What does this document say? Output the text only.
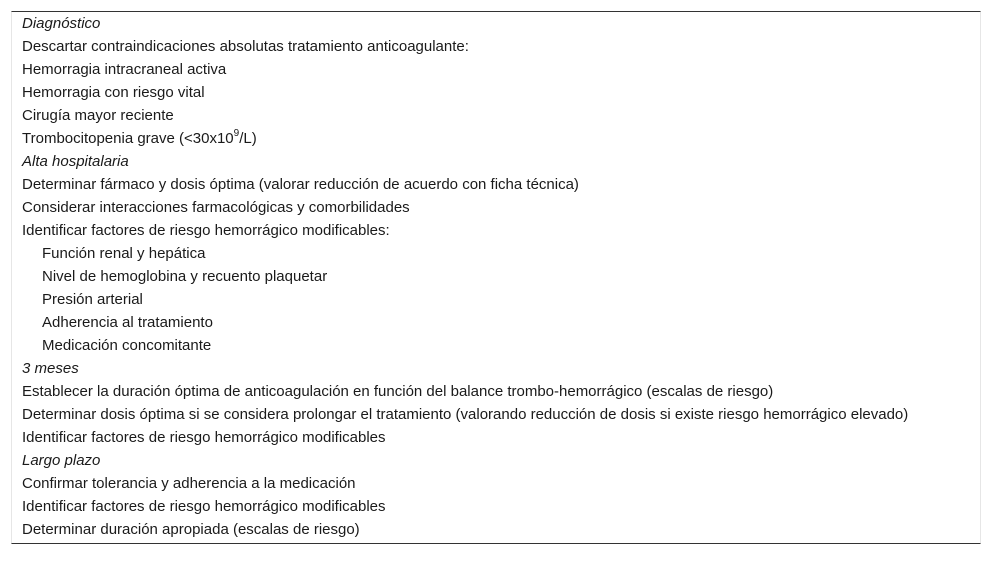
Diagnóstico
Descartar contraindicaciones absolutas tratamiento anticoagulante:
Hemorragia intracraneal activa
Hemorragia con riesgo vital
Cirugía mayor reciente
Trombocitopenia grave $(<30x10^9/L)$
Alta hospitalaria
Determinar fármaco y dosis óptima (valorar reducción de acuerdo con ficha técnica)
Considerar interacciones farmacológicas y comorbilidades
Identificar factores de riesgo hemorrágico modificables:
Función renal y hepática
Nivel de hemoglobina y recuento plaquetar
Presión arterial
Adherencia al tratamiento
Medicación concomitante
3 meses
Establecer la duración óptima de anticoagulación en función del balance trombo-hemorrágico (escalas de riesgo)
Determinar dosis óptima si se considera prolongar el tratamiento (valorando reducción de dosis si existe riesgo hemorrágico elevado)
Identificar factores de riesgo hemorrágico modificables
Largo plazo
Confirmar tolerancia y adherencia a la medicación
Identificar factores de riesgo hemorrágico modificables
Determinar duración apropiada (escalas de riesgo)
